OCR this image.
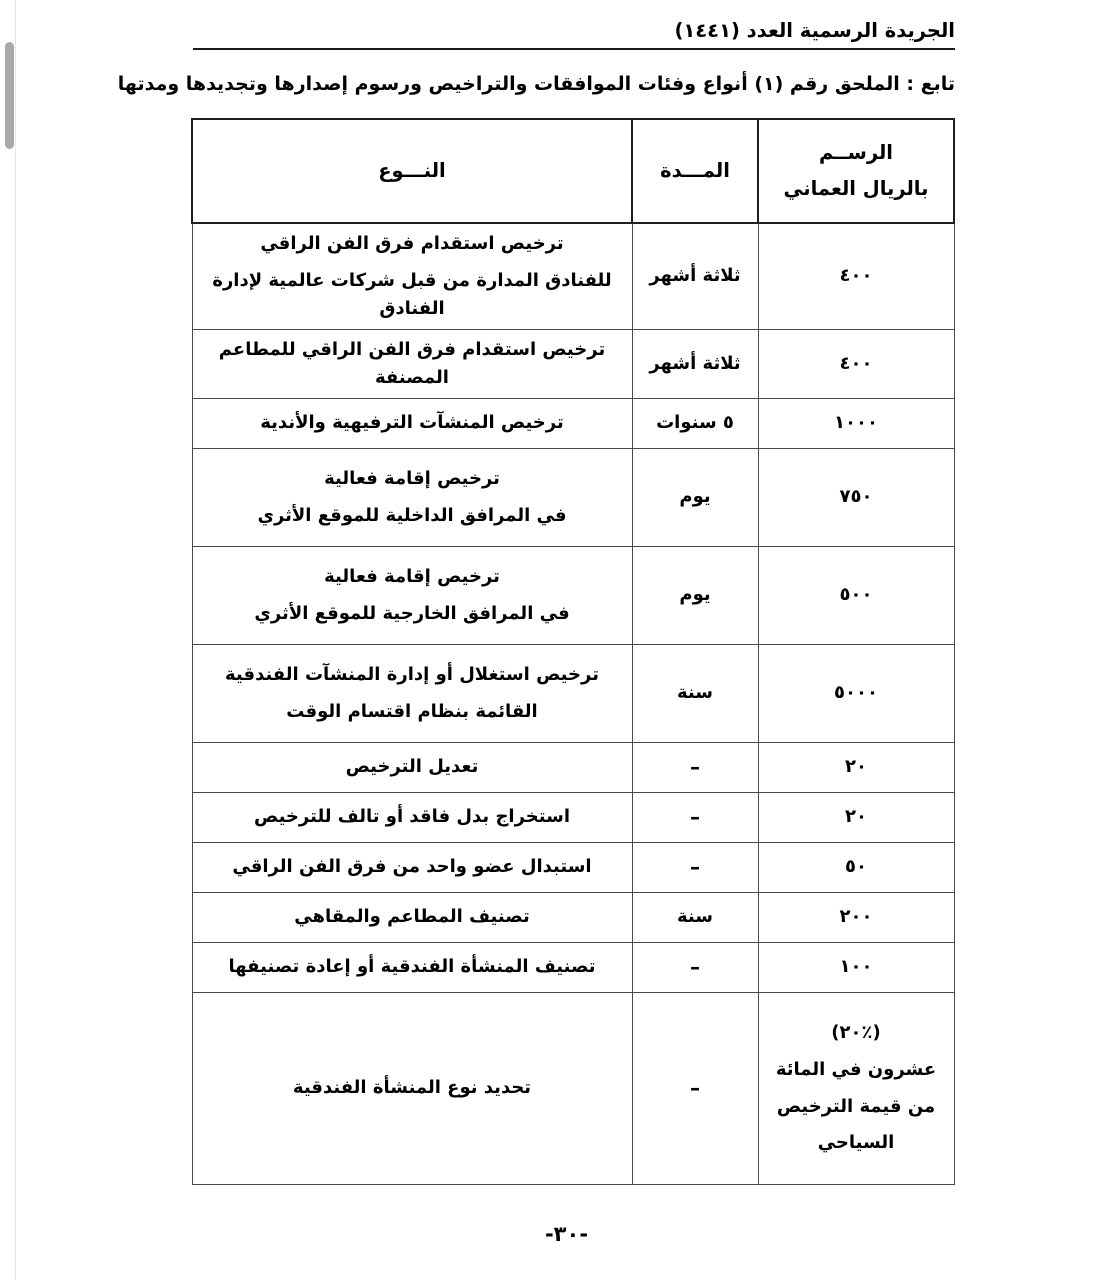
الجريدة الرسمية العدد (١٤٤١)
تابع : الملحق رقم (١) أنواع وفئات الموافقات والتراخيص ورسوم إصدارها وتجديدها ومدتها
الرســم
بالريال العماني	المـــدة	النـــوع

٤٠٠	ثلاثة أشهر	ترخيص استقدام فرق الفن الراقي
للفنادق المدارة من قبل شركات عالمية لإدارة الفنادق

٤٠٠	ثلاثة أشهر	ترخيص استقدام فرق الفن الراقي للمطاعم المصنفة

١٠٠٠	٥ سنوات	ترخيص المنشآت الترفيهية والأندية

٧٥٠	يوم	ترخيص إقامة فعالية
في المرافق الداخلية للموقع الأثري

٥٠٠	يوم	ترخيص إقامة فعالية
في المرافق الخارجية للموقع الأثري

٥٠٠٠	سنة	ترخيص استغلال أو إدارة المنشآت الفندقية
القائمة بنظام اقتسام الوقت

٢٠	–	تعديل الترخيص

٢٠	–	استخراج بدل فاقد أو تالف للترخيص

٥٠	–	استبدال عضو واحد من فرق الفن الراقي

٢٠٠	سنة	تصنيف المطاعم والمقاهي

١٠٠	–	تصنيف المنشأة الفندقية أو إعادة تصنيفها

(٪٢٠)
عشرون في المائة
من قيمة الترخيص
السياحي	–	تحديد نوع المنشأة الفندقية
-٣٠-
